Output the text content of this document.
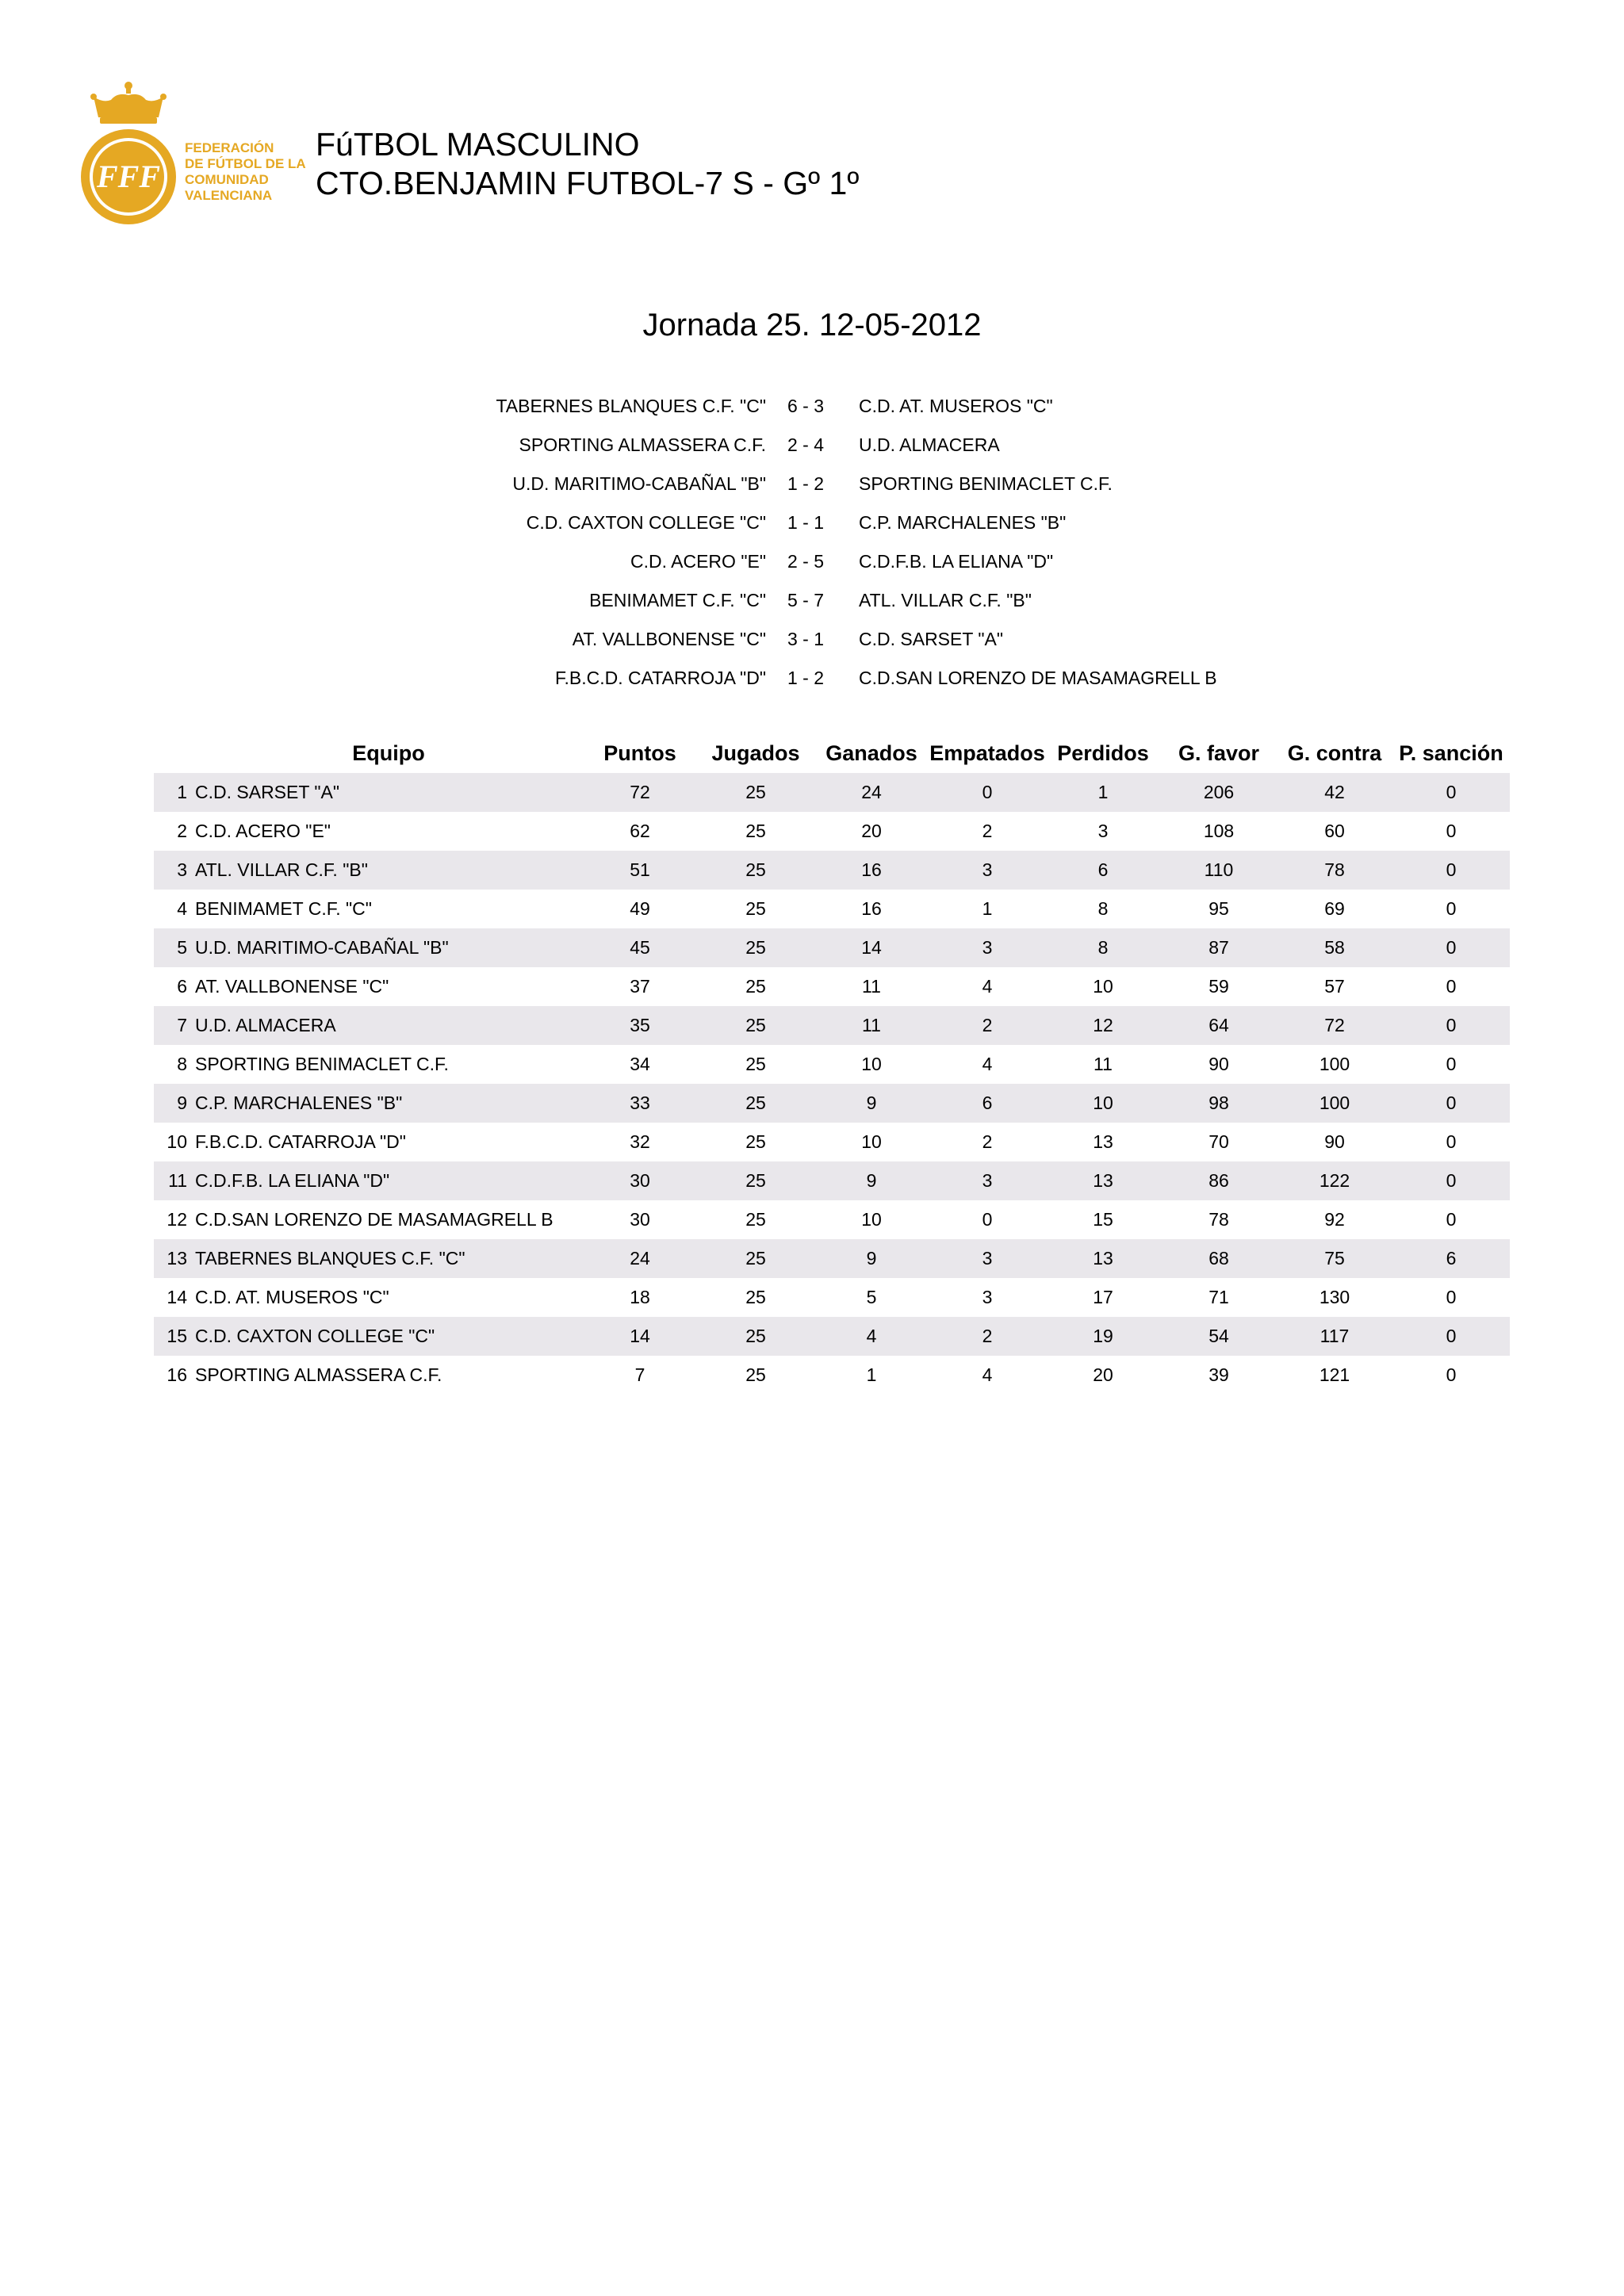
FFF
FEDERACIÓN
DE FÚTBOL DE LA
COMUNIDAD
VALENCIANA
FúTBOL MASCULINO
CTO.BENJAMIN FUTBOL-7 S - Gº 1º
Jornada 25. 12-05-2012
TABERNES BLANQUES C.F. "C"	6 - 3	C.D. AT. MUSEROS "C"
SPORTING ALMASSERA C.F.	2 - 4	U.D. ALMACERA
U.D. MARITIMO-CABAÑAL "B"	1 - 2	SPORTING BENIMACLET C.F.
C.D. CAXTON COLLEGE "C"	1 - 1	C.P. MARCHALENES "B"
C.D. ACERO "E"	2 - 5	C.D.F.B. LA ELIANA "D"
BENIMAMET C.F. "C"	5 - 7	ATL. VILLAR C.F. "B"
AT. VALLBONENSE "C"	3 - 1	C.D. SARSET "A"
F.B.C.D. CATARROJA "D"	1 - 2	C.D.SAN LORENZO DE MASAMAGRELL B
	Equipo	Puntos	Jugados	Ganados	Empatados	Perdidos	G. favor	G. contra	P. sanción
1	C.D. SARSET "A"	72	25	24	0	1	206	42	0
2	C.D. ACERO "E"	62	25	20	2	3	108	60	0
3	ATL. VILLAR C.F. "B"	51	25	16	3	6	110	78	0
4	BENIMAMET C.F. "C"	49	25	16	1	8	95	69	0
5	U.D. MARITIMO-CABAÑAL "B"	45	25	14	3	8	87	58	0
6	AT. VALLBONENSE "C"	37	25	11	4	10	59	57	0
7	U.D. ALMACERA	35	25	11	2	12	64	72	0
8	SPORTING BENIMACLET C.F.	34	25	10	4	11	90	100	0
9	C.P. MARCHALENES "B"	33	25	9	6	10	98	100	0
10	F.B.C.D. CATARROJA "D"	32	25	10	2	13	70	90	0
11	C.D.F.B. LA ELIANA "D"	30	25	9	3	13	86	122	0
12	C.D.SAN LORENZO DE MASAMAGRELL B	30	25	10	0	15	78	92	0
13	TABERNES BLANQUES C.F. "C"	24	25	9	3	13	68	75	6
14	C.D. AT. MUSEROS "C"	18	25	5	3	17	71	130	0
15	C.D. CAXTON COLLEGE "C"	14	25	4	2	19	54	117	0
16	SPORTING ALMASSERA C.F.	7	25	1	4	20	39	121	0
